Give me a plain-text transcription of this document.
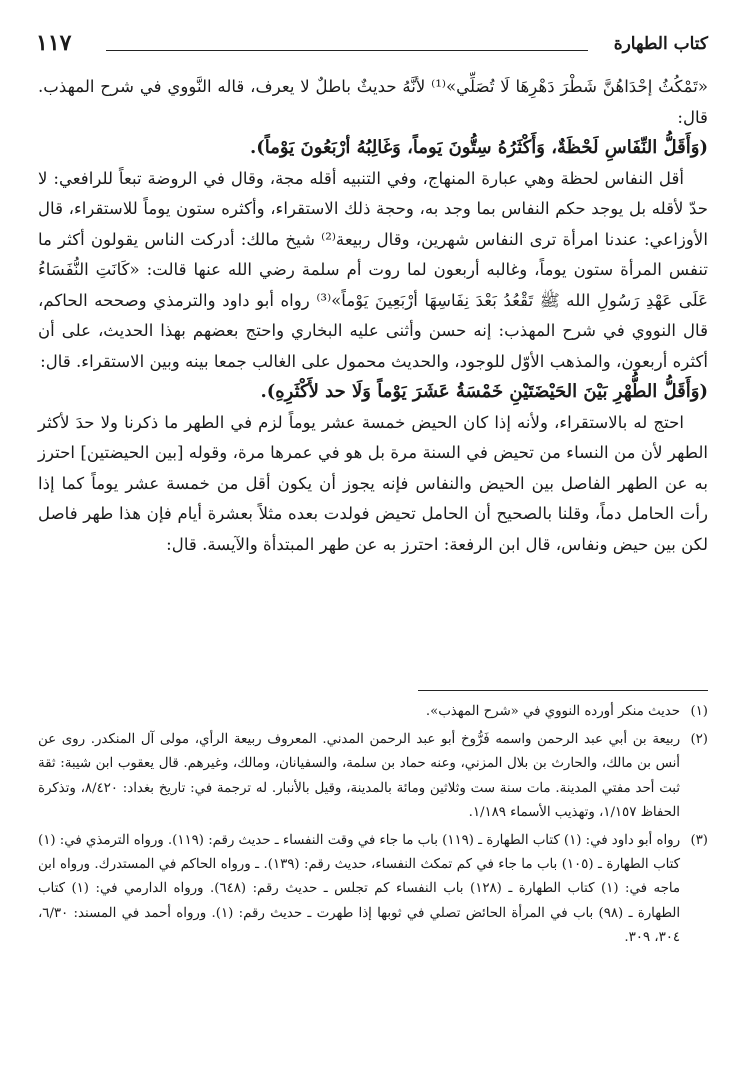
كتاب الطهارة
١١٧

«تَمْكُثُ إحْدَاهُنَّ شَطْرَ دَهْرِهَا لَا تُصَلِّي»⁽¹⁾ لأنَّهُ حديثٌ باطلٌ لا يعرف، قاله النَّووي في شرح المهذب. قال:

(وَأَقَلُّ النِّفَاسِ لَحْظَةٌ، وَأَكْثَرُهُ سِتُّونَ يَوماً، وَغَالِبُهُ أرْبَعُونَ يَوْماً).

أقل النفاس لحظة وهي عبارة المنهاج، وفي التنبيه أقله مجة، وقال في الروضة تبعاً للرافعي: لا حدّ لأقله بل يوجد حكم النفاس بما وجد به، وحجة ذلك الاستقراء، وأكثره ستون يوماً للاستقراء، قال الأوزاعي: عندنا امرأة ترى النفاس شهرين، وقال ربيعة⁽²⁾ شيخ مالك: أدركت الناس يقولون أكثر ما تنفس المرأة ستون يوماً، وغالبه أربعون لما روت أم سلمة رضي الله عنها قالت: «كَانَتِ النُّفَسَاءُ عَلَى عَهْدِ رَسُولِ الله ﷺ تَقْعُدُ بَعْدَ نِفَاسِهَا أرْبَعِينَ يَوْماً»⁽³⁾ رواه أبو داود والترمذي وصححه الحاكم، قال النووي في شرح المهذب: إنه حسن وأثنى عليه البخاري واحتج بعضهم بهذا الحديث، على أن أكثره أربعون، والمذهب الأوّل للوجود، والحديث محمول على الغالب جمعا بينه وبين الاستقراء. قال:

(وَأَقَلُّ الطُّهْرِ بَيْنَ الحَيْضَتَيْنِ خَمْسَةُ عَشَرَ يَوْماً وَلَا حد لأَكْثَرِهِ).

احتج له بالاستقراء، ولأنه إذا كان الحيض خمسة عشر يوماً لزم في الطهر ما ذكرنا ولا حدَ لأكثر الطهر لأن من النساء من تحيض في السنة مرة بل هو في عمرها مرة، وقوله [بين الحيضتين] احترز به عن الطهر الفاصل بين الحيض والنفاس فإنه يجوز أن يكون أقل من خمسة عشر يوماً كما إذا رأت الحامل دماً، وقلنا بالصحيح أن الحامل تحيض فولدت بعده مثلاً بعشرة أيام فإن هذا طهر فاصل لكن بين حيض ونفاس، قال ابن الرفعة: احترز به عن طهر المبتدأة والآيسة. قال:

(١)
حديث منكر أورده النووي في «شرح المهذب».
(٢)
ربيعة بن أبي عبد الرحمن واسمه فَرُّوخ أبو عبد الرحمن المدني. المعروف ربيعة الرأي، مولى آل المنكدر. روى عن أنس بن مالك، والحارث بن بلال المزني، وعنه حماد بن سلمة، والسفيانان، ومالك، وغيرهم. قال يعقوب ابن شيبة: ثقة ثبت أحد مفتي المدينة. مات سنة ست وثلاثين ومائة بالمدينة، وقيل بالأنبار. له ترجمة في: تاريخ بغداد: ٨/٤٢٠، وتذكرة الحفاظ ١/١٥٧، وتهذيب الأسماء ١/١٨٩.
(٣)
رواه أبو داود في: (١) كتاب الطهارة ـ (١١٩) باب ما جاء في وقت النفساء ـ حديث رقم: (١١٩). ورواه الترمذي في: (١) كتاب الطهارة ـ (١٠٥) باب ما جاء في كم تمكث النفساء، حديث رقم: (١٣٩). ـ ورواه الحاكم في المستدرك. ورواه ابن ماجه في: (١) كتاب الطهارة ـ (١٢٨) باب النفساء كم تجلس ـ حديث رقم: (٦٤٨). ورواه الدارمي في: (١) كتاب الطهارة ـ (٩٨) باب في المرأة الحائض تصلي في ثوبها إذا طهرت ـ حديث رقم: (١). ورواه أحمد في المسند: ٦/٣٠، ٣٠٤، ٣٠٩.
